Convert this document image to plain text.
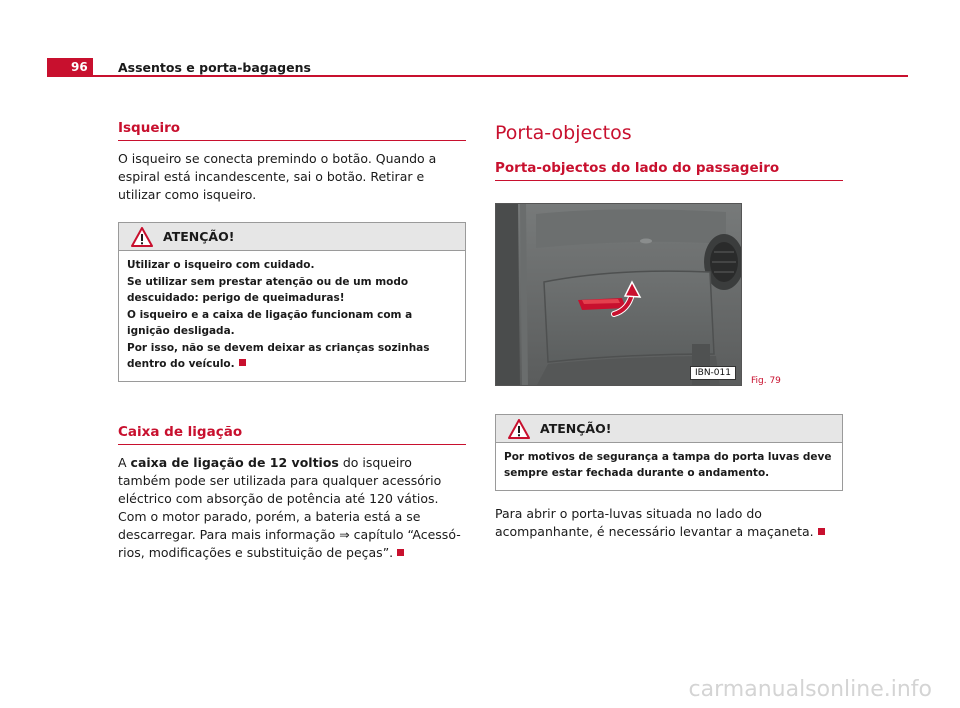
96	Assentos e porta-bagagens
Isqueiro

O isqueiro se conecta premindo o botão. Quando a espiral está incandescente, sai o botão. Retirar e utilizar como isqueiro.

ATENÇÃO!

Utilizar o isqueiro com cuidado.

Se utilizar sem prestar atenção ou de um modo descuidado: perigo de queimaduras!

O isqueiro e a caixa de ligação funcionam com a ignição desligada.

Por isso, não se devem deixar as crianças sozinhas dentro do veículo.

Caixa de ligação

A caixa de ligação de 12 voltios do isqueiro também pode ser utilizada para qualquer acessório eléctrico com absorção de potência até 120 vátios. Com o motor parado, porém, a bateria está a se descarregar. Para mais informação ⇒ capítulo “Acessó-rios, modificações e substituição de peças”.

Porta-objectos
Porta-objectos do lado do passageiro
IBN-011
Fig. 79
ATENÇÃO!

Por motivos de segurança a tampa do porta luvas deve sempre estar fechada durante o andamento.

Para abrir o porta-luvas situada no lado do acompanhante, é necessário levantar a maçaneta.

carmanualsonline.info
